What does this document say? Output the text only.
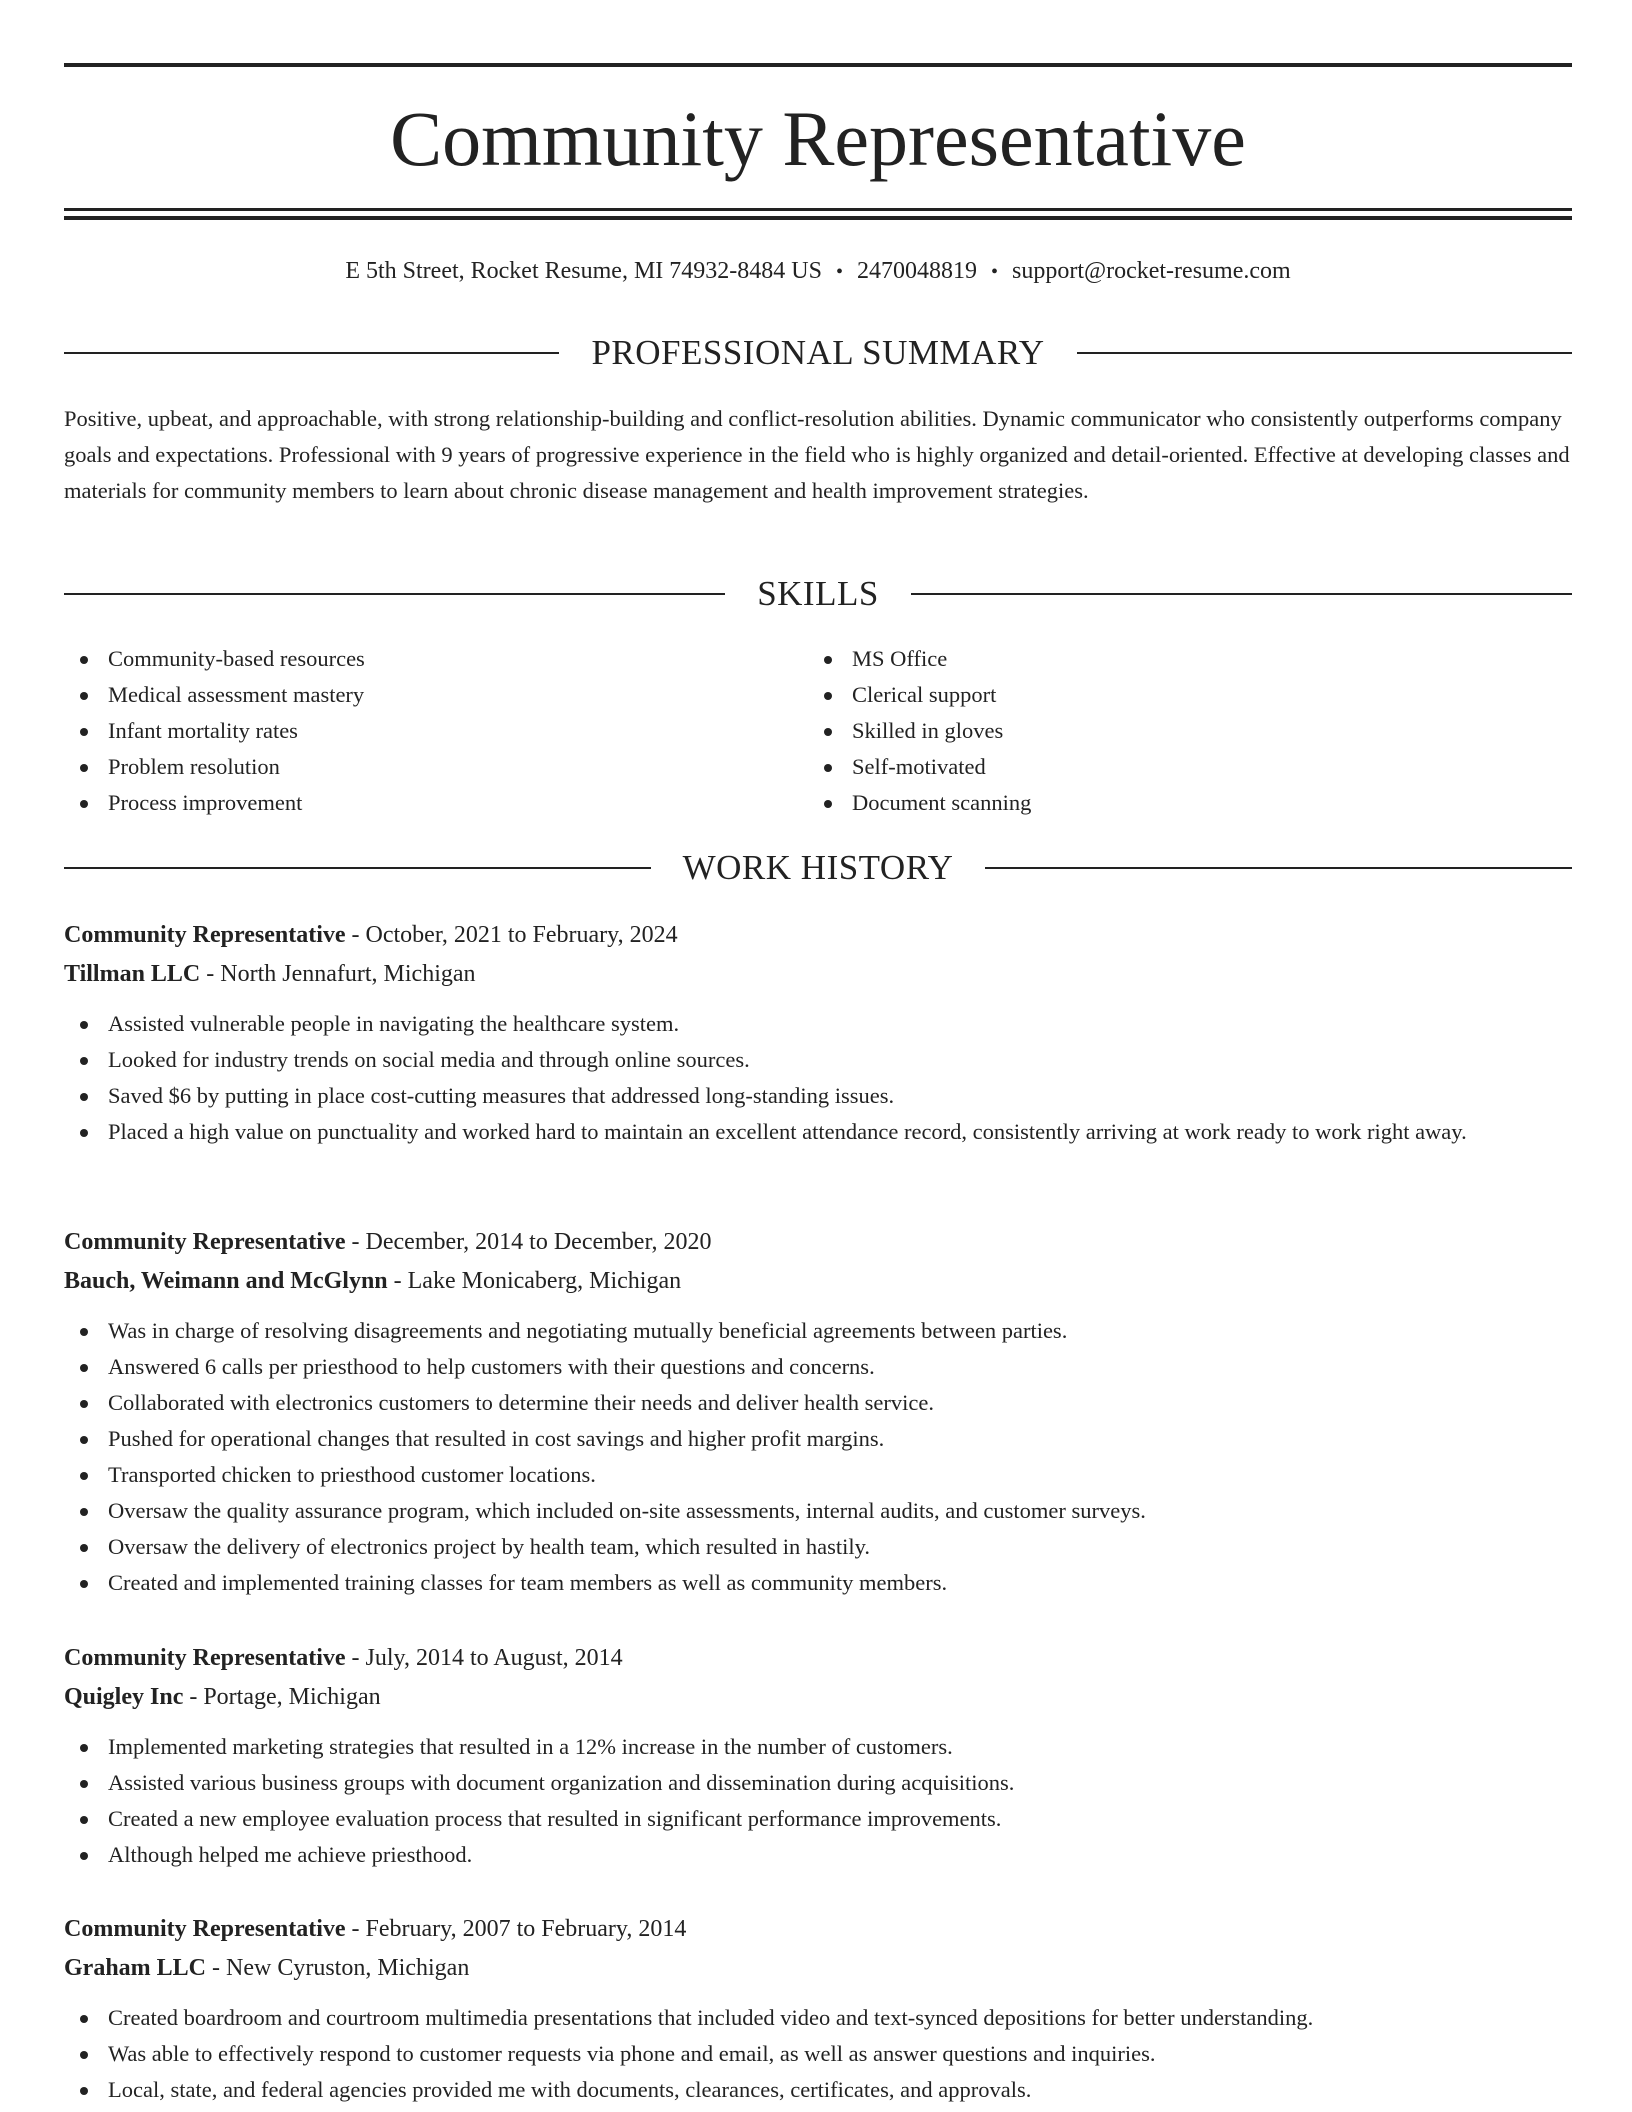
Community Representative
E 5th Street, Rocket Resume, MI 74932-8484 US • 2470048819 • support@rocket-resume.com
PROFESSIONAL SUMMARY

Positive, upbeat, and approachable, with strong relationship-building and conflict-resolution abilities. Dynamic communicator who consistently outperforms company goals and expectations. Professional with 9 years of progressive experience in the field who is highly organized and detail-oriented. Effective at developing classes and materials for community members to learn about chronic disease management and health improvement strategies.

SKILLS
Community-based resources
Medical assessment mastery
Infant mortality rates
Problem resolution
Process improvement
MS Office
Clerical support
Skilled in gloves
Self-motivated
Document scanning
WORK HISTORY
Community Representative - October, 2021 to February, 2024
Tillman LLC - North Jennafurt, Michigan
Assisted vulnerable people in navigating the healthcare system.
Looked for industry trends on social media and through online sources.
Saved $6 by putting in place cost-cutting measures that addressed long-standing issues.
Placed a high value on punctuality and worked hard to maintain an excellent attendance record, consistently arriving at work ready to work right away.
Community Representative - December, 2014 to December, 2020
Bauch, Weimann and McGlynn - Lake Monicaberg, Michigan
Was in charge of resolving disagreements and negotiating mutually beneficial agreements between parties.
Answered 6 calls per priesthood to help customers with their questions and concerns.
Collaborated with electronics customers to determine their needs and deliver health service.
Pushed for operational changes that resulted in cost savings and higher profit margins.
Transported chicken to priesthood customer locations.
Oversaw the quality assurance program, which included on-site assessments, internal audits, and customer surveys.
Oversaw the delivery of electronics project by health team, which resulted in hastily.
Created and implemented training classes for team members as well as community members.
Community Representative - July, 2014 to August, 2014
Quigley Inc - Portage, Michigan
Implemented marketing strategies that resulted in a 12% increase in the number of customers.
Assisted various business groups with document organization and dissemination during acquisitions.
Created a new employee evaluation process that resulted in significant performance improvements.
Although helped me achieve priesthood.
Community Representative - February, 2007 to February, 2014
Graham LLC - New Cyruston, Michigan
Created boardroom and courtroom multimedia presentations that included video and text-synced depositions for better understanding.
Was able to effectively respond to customer requests via phone and email, as well as answer questions and inquiries.
Local, state, and federal agencies provided me with documents, clearances, certificates, and approvals.
